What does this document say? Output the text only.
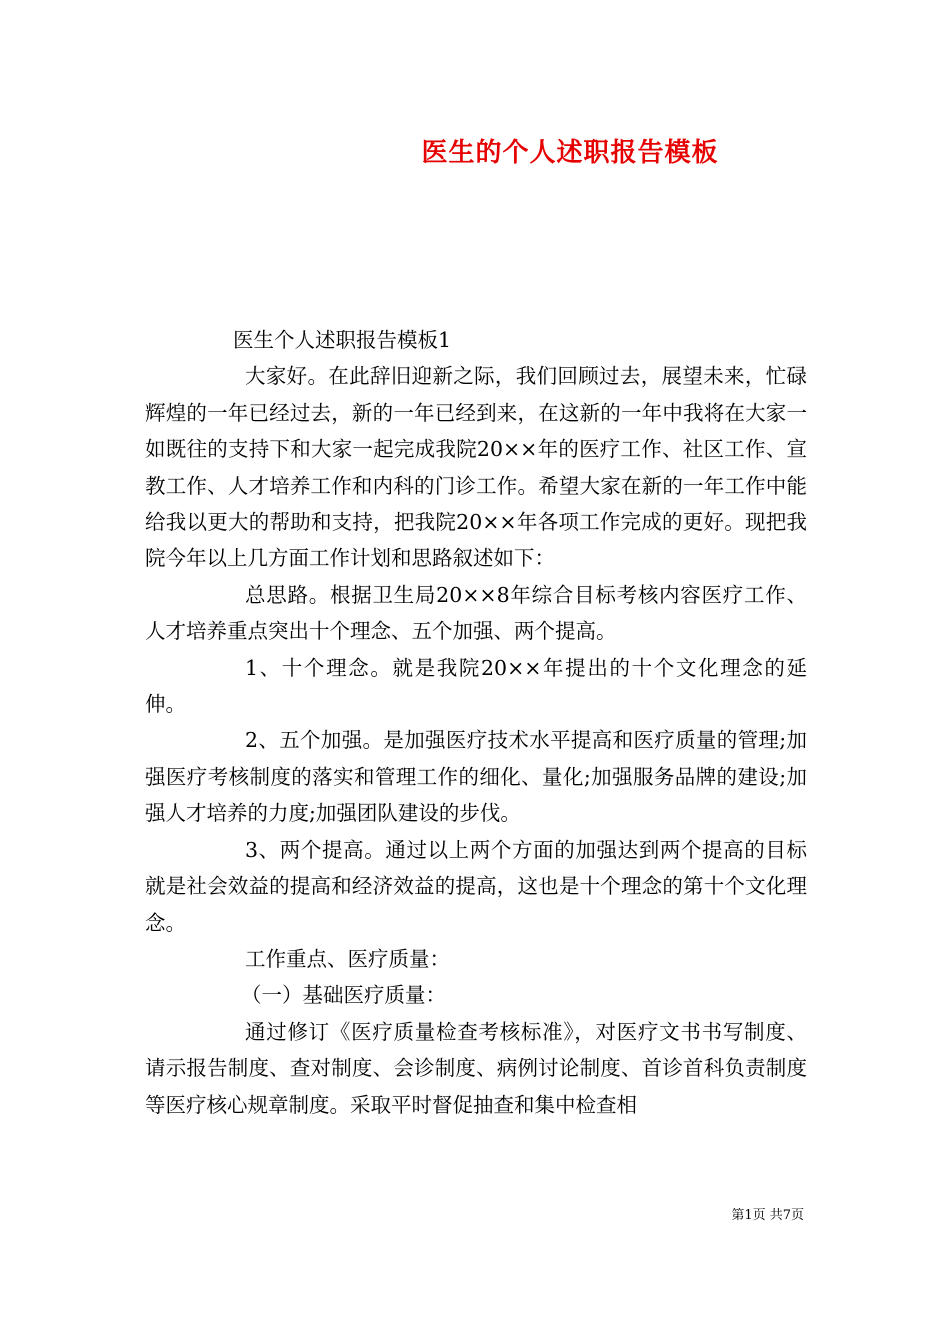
医生的个人述职报告模板

医生个人述职报告模板1

大家好。在此辞旧迎新之际，我们回顾过去，展望未来，忙碌辉煌的一年已经过去，新的一年已经到来，在这新的一年中我将在大家一如既往的支持下和大家一起完成我院20××年的医疗工作、社区工作、宣教工作、人才培养工作和内科的门诊工作。希望大家在新的一年工作中能给我以更大的帮助和支持，把我院20××年各项工作完成的更好。现把我院今年以上几方面工作计划和思路叙述如下：

总思路。根据卫生局20××8年综合目标考核内容医疗工作、人才培养重点突出十个理念、五个加强、两个提高。

1、十个理念。就是我院20××年提出的十个文化理念的延伸。

2、五个加强。是加强医疗技术水平提高和医疗质量的管理;加强医疗考核制度的落实和管理工作的细化、量化;加强服务品牌的建设;加强人才培养的力度;加强团队建设的步伐。

3、两个提高。通过以上两个方面的加强达到两个提高的目标就是社会效益的提高和经济效益的提高，这也是十个理念的第十个文化理念。

工作重点、医疗质量：

（一）基础医疗质量：

通过修订《医疗质量检查考核标准》，对医疗文书书写制度、请示报告制度、查对制度、会诊制度、病例讨论制度、首诊首科负责制度等医疗核心规章制度。采取平时督促抽查和集中检查相

第1页 共7页
